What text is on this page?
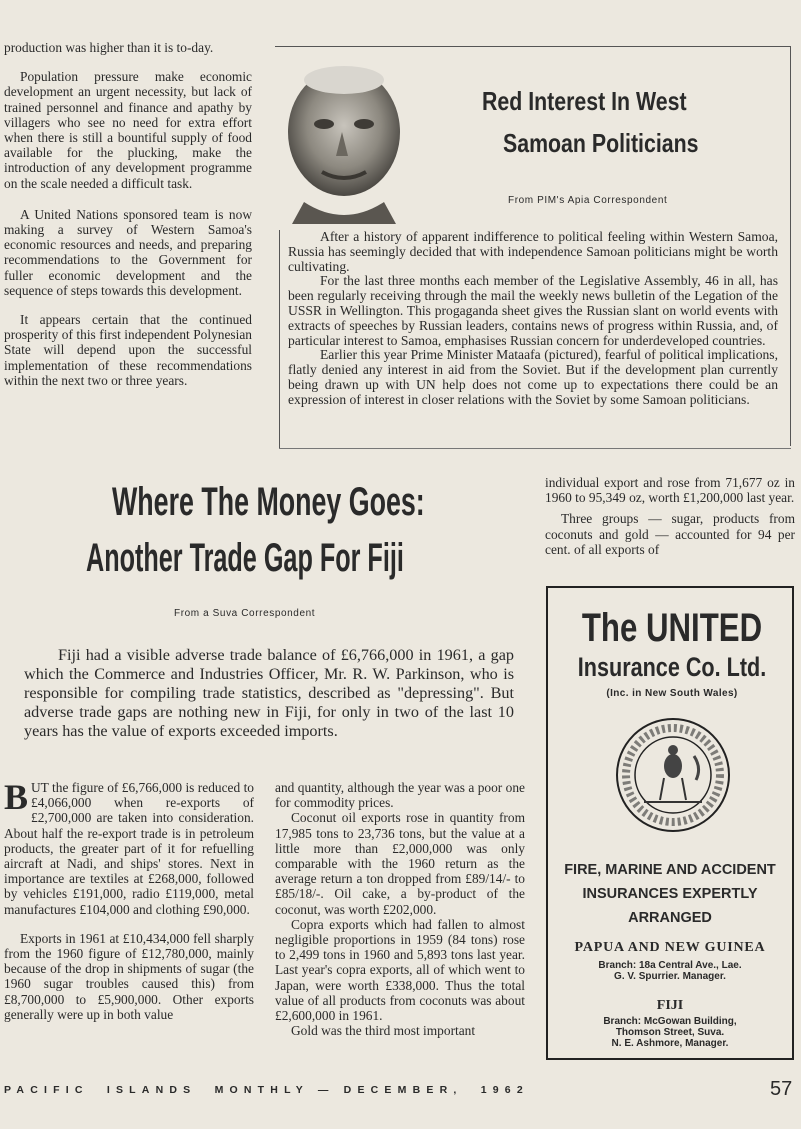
production was higher than it is to-day.

Population pressure make economic development an urgent necessity, but lack of trained personnel and finance and apathy by villagers who see no need for extra effort when there is still a bountiful supply of food available for the plucking, make the introduction of any development programme on the scale needed a difficult task.

A United Nations sponsored team is now making a survey of Western Samoa's economic resources and needs, and preparing recommendations to the Government for fuller economic development and the sequence of steps towards this development.

It appears certain that the continued prosperity of this first independent Polynesian State will depend upon the successful implementation of these recommendations within the next two or three years.

Red Interest In West
Samoan Politicians
From PIM's Apia Correspondent

After a history of apparent indifference to political feeling within Western Samoa, Russia has seemingly decided that with independence Samoan politicians might be worth cultivating.

For the last three months each member of the Legislative Assembly, 46 in all, has been regularly receiving through the mail the weekly news bulletin of the Legation of the USSR in Wellington. This progaganda sheet gives the Russian slant on world events with extracts of speeches by Russian leaders, contains news of progress within Russia, and, of particular interest to Samoa, emphasises Russian concern for underdeveloped countries.

Earlier this year Prime Minister Mataafa (pictured), fearful of political implications, flatly denied any interest in aid from the Soviet. But if the development plan currently being drawn up with UN help does not come up to expectations there could be an expression of interest in closer relations with the Soviet by some Samoan politicians.

Where The Money Goes:
Another Trade Gap For Fiji
From a Suva Correspondent
Fiji had a visible adverse trade balance of £6,766,000 in 1961, a gap which the Commerce and Industries Officer, Mr. R. W. Parkinson, who is responsible for compiling trade statistics, described as "depressing". But adverse trade gaps are nothing new in Fiji, for only in two of the last 10 years has the value of exports exceeded imports.

B UT the figure of £6,766,000 is reduced to £4,066,000 when re-exports of £2,700,000 are taken into consideration. About half the re-export trade is in petroleum products, the greater part of it for refuelling aircraft at Nadi, and ships' stores. Next in importance are textiles at £268,000, followed by vehicles £191,000, radio £119,000, metal manufactures £104,000 and clothing £90,000.

Exports in 1961 at £10,434,000 fell sharply from the 1960 figure of £12,780,000, mainly because of the drop in shipments of sugar (the 1960 sugar troubles caused this) from £8,700,000 to £5,900,000. Other exports generally were up in both value

and quantity, although the year was a poor one for commodity prices.

Coconut oil exports rose in quantity from 17,985 tons to 23,736 tons, but the value at a little more than £2,000,000 was only comparable with the 1960 return as the average return a ton dropped from £89/14/- to £85/18/-. Oil cake, a by-product of the coconut, was worth £202,000.

Copra exports which had fallen to almost negligible proportions in 1959 (84 tons) rose to 2,499 tons in 1960 and 5,893 tons last year. Last year's copra exports, all of which went to Japan, were worth £338,000. Thus the total value of all products from coconuts was about £2,600,000 in 1961.

Gold was the third most important

individual export and rose from 71,677 oz in 1960 to 95,349 oz, worth £1,200,000 last year.

Three groups — sugar, products from coconuts and gold — accounted for 94 per cent. of all exports of

The UNITED
Insurance Co. Ltd.
(Inc. in New South Wales)
FIRE, MARINE AND ACCIDENT
INSURANCES EXPERTLY
ARRANGED
PAPUA AND NEW GUINEA
Branch: 18a Central Ave., Lae.
G. V. Spurrier. Manager.
FIJI
Branch: McGowan Building,
Thomson Street, Suva.
N. E. Ashmore, Manager.
PACIFIC  ISLANDS  MONTHLY — DECEMBER,  1962	57
